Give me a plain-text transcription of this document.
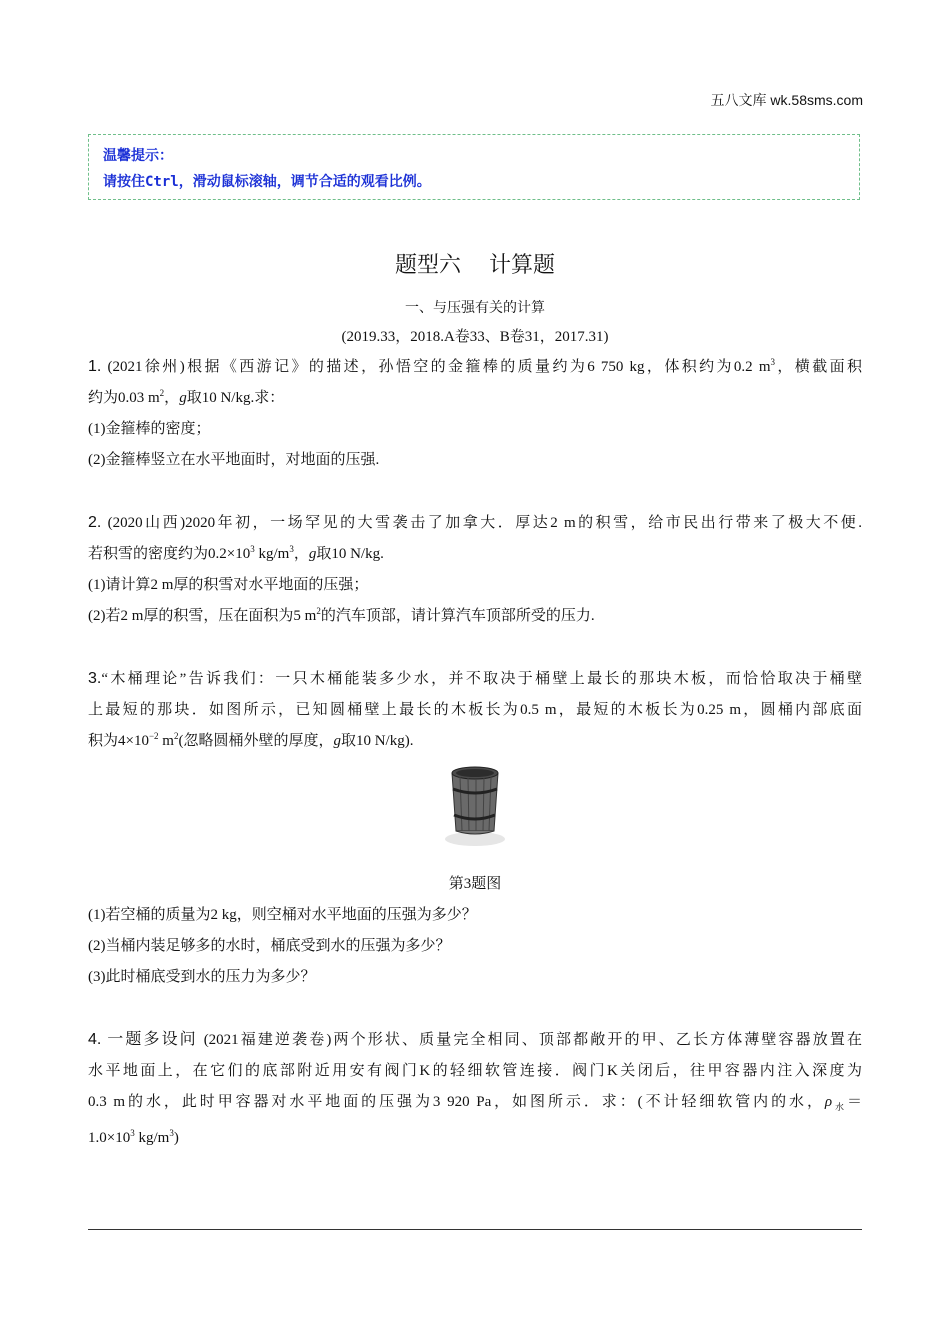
五八文库 wk.58sms.com
温馨提示：
请按住Ctrl，滑动鼠标滚轴，调节合适的观看比例。
题型六 计算题
一、与压强有关的计算
(2019.33，2018.A卷33、B卷31，2017.31)
1. (2021徐州)根据《西游记》的描述，孙悟空的金箍棒的质量约为6 750 kg，体积约为0.2 $m^3$，横截面积
约为0.03 $m^2$，g取10 N/kg.求：
(1)金箍棒的密度；
(2)金箍棒竖立在水平地面时，对地面的压强.
2. (2020山西)2020年初，一场罕见的大雪袭击了加拿大．厚达2 m的积雪，给市民出行带来了极大不便.
若积雪的密度约为$0.2\times 10^3$ $kg/m^3$，g取10 N/kg.
(1)请计算2 m厚的积雪对水平地面的压强；
(2)若2 m厚的积雪，压在面积为5 $m^2$的汽车顶部，请计算汽车顶部所受的压力.
3.“木桶理论”告诉我们：一只木桶能装多少水，并不取决于桶壁上最长的那块木板，而恰恰取决于桶壁
上最短的那块．如图所示，已知圆桶壁上最长的木板长为0.5 m，最短的木板长为0.25 m，圆桶内部底面
积为$4\times 10^{-2}$ $m^2$(忽略圆桶外壁的厚度，g取10 N/kg).
第3题图
(1)若空桶的质量为2 kg，则空桶对水平地面的压强为多少？
(2)当桶内装足够多的水时，桶底受到水的压强为多少？
(3)此时桶底受到水的压力为多少？
4. 一题多设问 (2021福建逆袭卷)两个形状、质量完全相同、顶部都敞开的甲、乙长方体薄壁容器放置在
水平地面上，在它们的底部附近用安有阀门K的轻细软管连接．阀门K关闭后，往甲容器内注入深度为
0.3 m的水，此时甲容器对水平地面的压强为3 920 Pa，如图所示．求：(不计轻细软管内的水，$\rho_水=$
$1.0\times 10^3$ $kg/m^3$)
